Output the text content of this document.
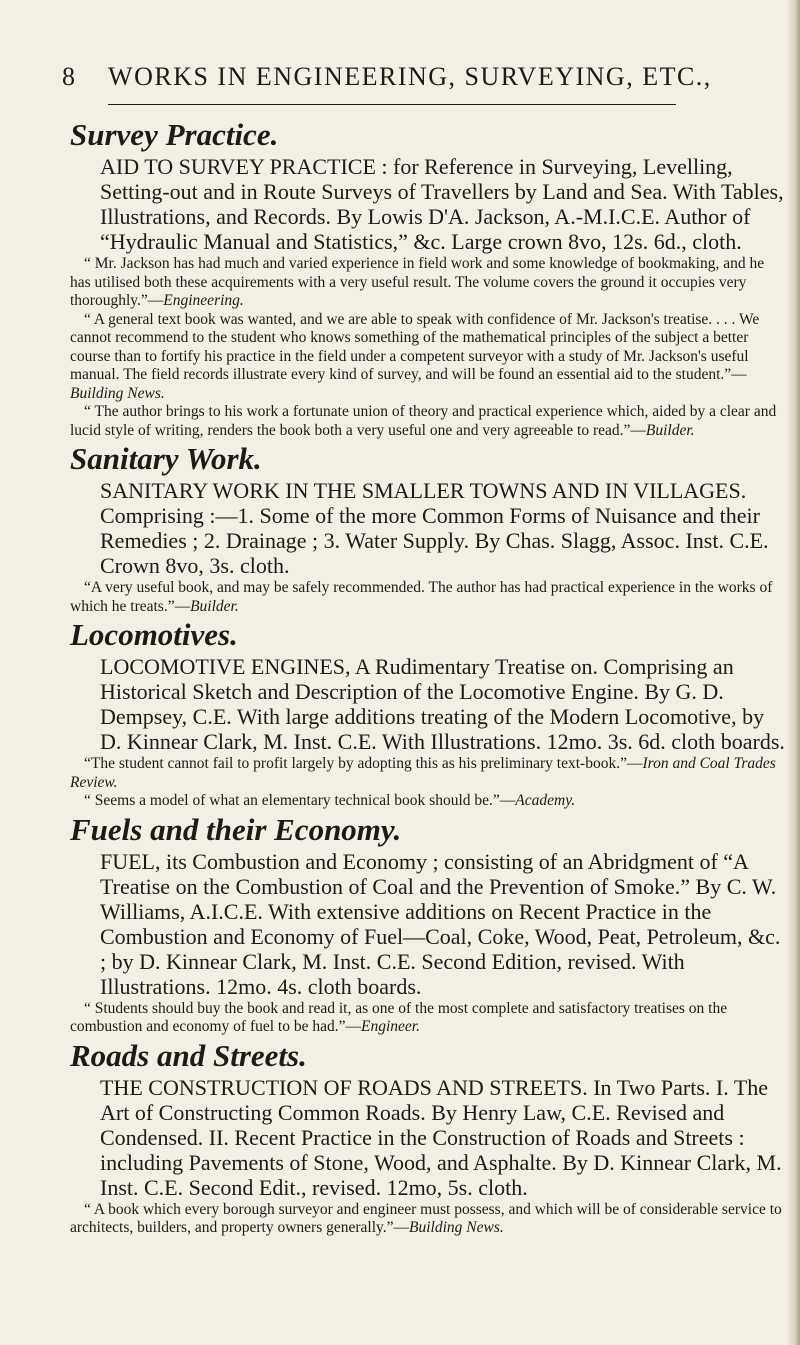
8 WORKS IN ENGINEERING, SURVEYING, ETC.,
Survey Practice.

AID TO SURVEY PRACTICE : for Reference in Surveying, Levelling, Setting-out and in Route Surveys of Travellers by Land and Sea. With Tables, Illustrations, and Records. By Lowis D'A. Jackson, A.-M.I.C.E. Author of “Hydraulic Manual and Statistics,” &c. Large crown 8vo, 12s. 6d., cloth.

“ Mr. Jackson has had much and varied experience in field work and some knowledge of bookmaking, and he has utilised both these acquirements with a very useful result. The volume covers the ground it occupies very thoroughly.”—Engineering.

“ A general text book was wanted, and we are able to speak with confidence of Mr. Jackson's treatise. . . . We cannot recommend to the student who knows something of the mathematical principles of the subject a better course than to fortify his practice in the field under a competent surveyor with a study of Mr. Jackson's useful manual. The field records illustrate every kind of survey, and will be found an essential aid to the student.”—Building News.

“ The author brings to his work a fortunate union of theory and practical experience which, aided by a clear and lucid style of writing, renders the book both a very useful one and very agreeable to read.”—Builder.

Sanitary Work.

SANITARY WORK IN THE SMALLER TOWNS AND IN VILLAGES. Comprising :—1. Some of the more Common Forms of Nuisance and their Remedies ; 2. Drainage ; 3. Water Supply. By Chas. Slagg, Assoc. Inst. C.E. Crown 8vo, 3s. cloth.

“A very useful book, and may be safely recommended. The author has had practical experience in the works of which he treats.”—Builder.

Locomotives.

LOCOMOTIVE ENGINES, A Rudimentary Treatise on. Comprising an Historical Sketch and Description of the Locomotive Engine. By G. D. Dempsey, C.E. With large additions treating of the Modern Locomotive, by D. Kinnear Clark, M. Inst. C.E. With Illustrations. 12mo. 3s. 6d. cloth boards.

“The student cannot fail to profit largely by adopting this as his preliminary text-book.”—Iron and Coal Trades Review.

“ Seems a model of what an elementary technical book should be.”—Academy.

Fuels and their Economy.

FUEL, its Combustion and Economy ; consisting of an Abridgment of “A Treatise on the Combustion of Coal and the Prevention of Smoke.” By C. W. Williams, A.I.C.E. With extensive additions on Recent Practice in the Combustion and Economy of Fuel—Coal, Coke, Wood, Peat, Petroleum, &c. ; by D. Kinnear Clark, M. Inst. C.E. Second Edition, revised. With Illustrations. 12mo. 4s. cloth boards.

“ Students should buy the book and read it, as one of the most complete and satisfactory treatises on the combustion and economy of fuel to be had.”—Engineer.

Roads and Streets.

THE CONSTRUCTION OF ROADS AND STREETS. In Two Parts. I. The Art of Constructing Common Roads. By Henry Law, C.E. Revised and Condensed. II. Recent Practice in the Construction of Roads and Streets : including Pavements of Stone, Wood, and Asphalte. By D. Kinnear Clark, M. Inst. C.E. Second Edit., revised. 12mo, 5s. cloth.

“ A book which every borough surveyor and engineer must possess, and which will be of considerable service to architects, builders, and property owners generally.”—Building News.
